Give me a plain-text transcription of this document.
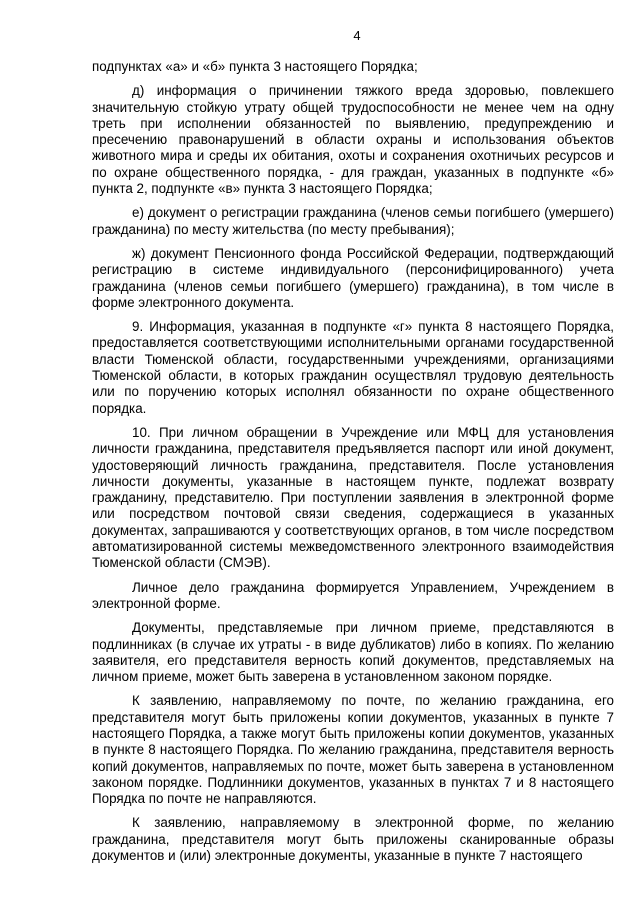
4

подпунктах «а» и «б» пункта 3 настоящего Порядка;

д) информация о причинении тяжкого вреда здоровью, повлекшего значительную стойкую утрату общей трудоспособности не менее чем на одну треть при исполнении обязанностей по выявлению, предупреждению и пресечению правонарушений в области охраны и использования объектов животного мира и среды их обитания, охоты и сохранения охотничьих ресурсов и по охране общественного порядка, - для граждан, указанных в подпункте «б» пункта 2, подпункте «в» пункта 3 настоящего Порядка;

е) документ о регистрации гражданина (членов семьи погибшего (умершего) гражданина) по месту жительства (по месту пребывания);

ж) документ Пенсионного фонда Российской Федерации, подтверждающий регистрацию в системе индивидуального (персонифицированного) учета гражданина (членов семьи погибшего (умершего) гражданина), в том числе в форме электронного документа.

9. Информация, указанная в подпункте «г» пункта 8 настоящего Порядка, предоставляется соответствующими исполнительными органами государственной власти Тюменской области, государственными учреждениями, организациями Тюменской области, в которых гражданин осуществлял трудовую деятельность или по поручению которых исполнял обязанности по охране общественного порядка.

10. При личном обращении в Учреждение или МФЦ для установления личности гражданина, представителя предъявляется паспорт или иной документ, удостоверяющий личность гражданина, представителя. После установления личности документы, указанные в настоящем пункте, подлежат возврату гражданину, представителю. При поступлении заявления в электронной форме или посредством почтовой связи сведения, содержащиеся в указанных документах, запрашиваются у соответствующих органов, в том числе посредством автоматизированной системы межведомственного электронного взаимодействия Тюменской области (СМЭВ).

Личное дело гражданина формируется Управлением, Учреждением в электронной форме.

Документы, представляемые при личном приеме, представляются в подлинниках (в случае их утраты - в виде дубликатов) либо в копиях. По желанию заявителя, его представителя верность копий документов, представляемых на личном приеме, может быть заверена в установленном законом порядке.

К заявлению, направляемому по почте, по желанию гражданина, его представителя могут быть приложены копии документов, указанных в пункте 7 настоящего Порядка, а также могут быть приложены копии документов, указанных в пункте 8 настоящего Порядка. По желанию гражданина, представителя верность копий документов, направляемых по почте, может быть заверена в установленном законом порядке. Подлинники документов, указанных в пунктах 7 и 8 настоящего Порядка по почте не направляются.

К заявлению, направляемому в электронной форме, по желанию гражданина, представителя могут быть приложены сканированные образы документов и (или) электронные документы, указанные в пункте 7 настоящего
